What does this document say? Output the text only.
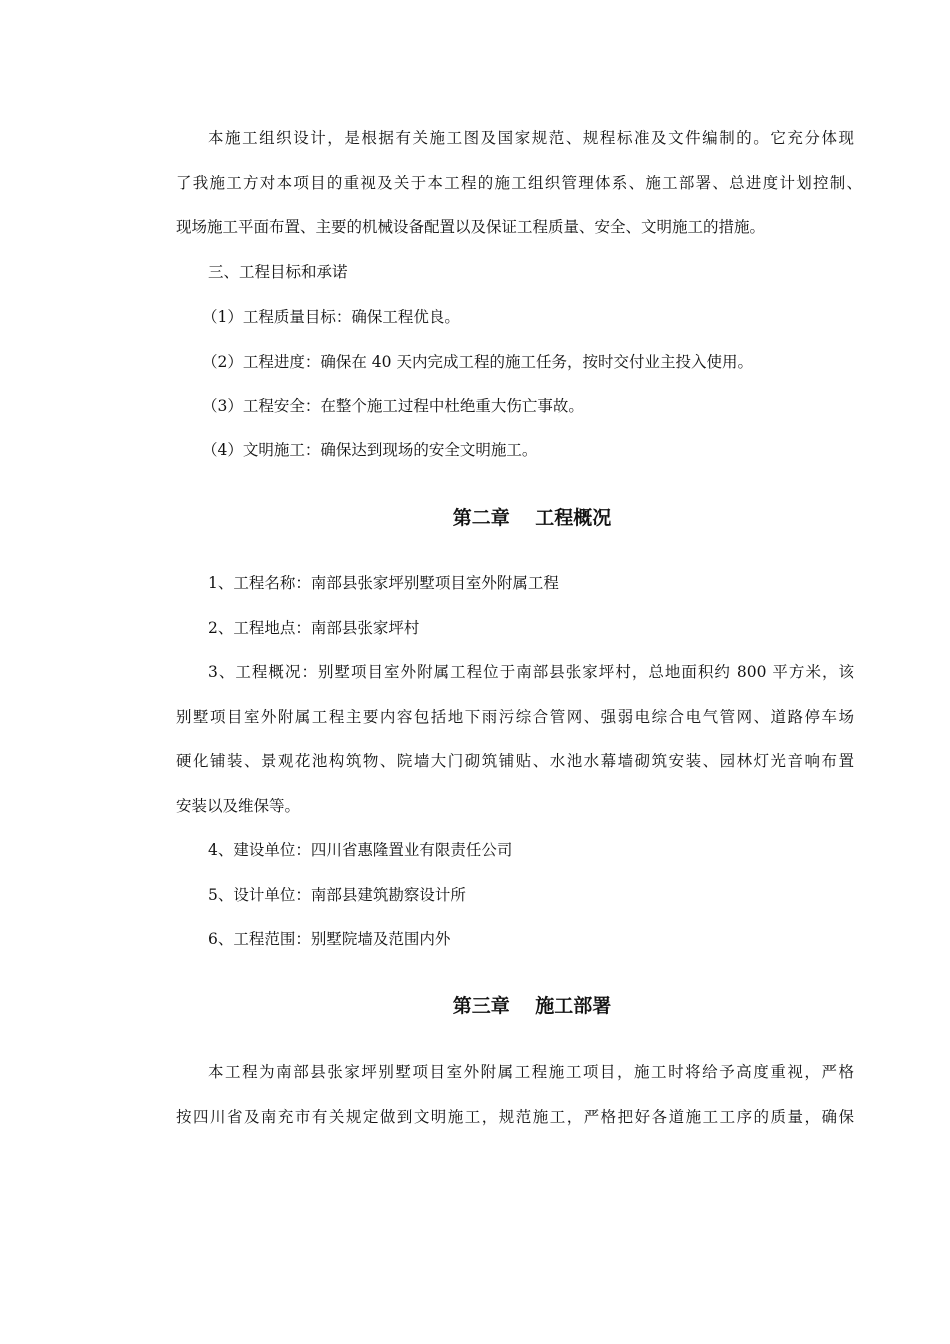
本施工组织设计，是根据有关施工图及国家规范、规程标准及文件编制的。它充分体现
了我施工方对本项目的重视及关于本工程的施工组织管理体系、施工部署、总进度计划控制、
现场施工平面布置、主要的机械设备配置以及保证工程质量、安全、文明施工的措施。
三、工程目标和承诺
（1）工程质量目标：确保工程优良。
（2）工程进度：确保在 40 天内完成工程的施工任务，按时交付业主投入使用。
（3）工程安全：在整个施工过程中杜绝重大伤亡事故。
（4）文明施工：确保达到现场的安全文明施工。
第二章　 工程概况
1、工程名称：南部县张家坪别墅项目室外附属工程
2、工程地点：南部县张家坪村
3、工程概况：别墅项目室外附属工程位于南部县张家坪村，总地面积约 800 平方米，该
别墅项目室外附属工程主要内容包括地下雨污综合管网、强弱电综合电气管网、道路停车场
硬化铺装、景观花池构筑物、院墙大门砌筑铺贴、水池水幕墙砌筑安装、园林灯光音响布置
安装以及维保等。
4、建设单位：四川省惠隆置业有限责任公司
5、设计单位：南部县建筑勘察设计所
6、工程范围：别墅院墙及范围内外
第三章　 施工部署
本工程为南部县张家坪别墅项目室外附属工程施工项目，施工时将给予高度重视，严格
按四川省及南充市有关规定做到文明施工，规范施工，严格把好各道施工工序的质量，确保
